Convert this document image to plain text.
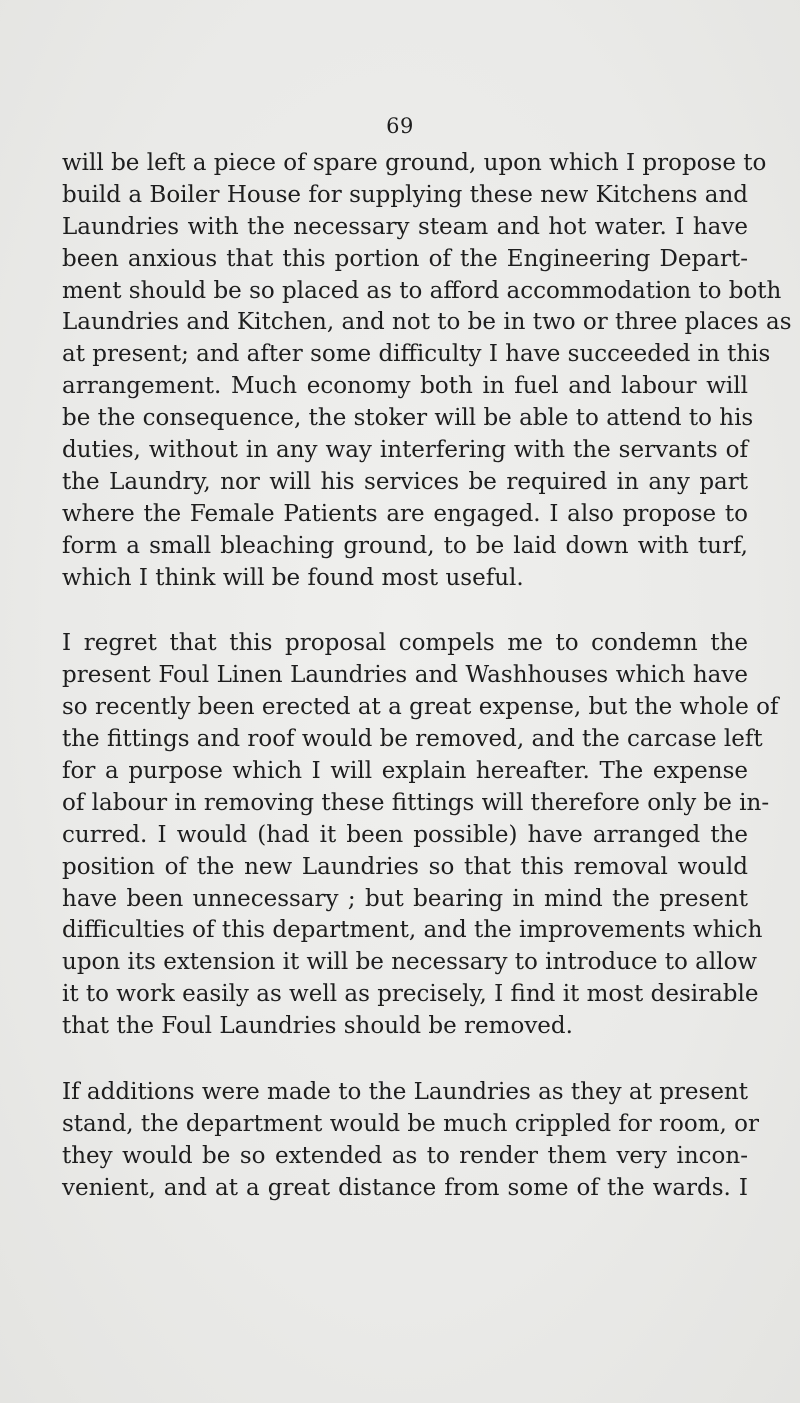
69
will be left a piece of spare ground, upon which I propose to
build a Boiler House for supplying these new Kitchens and
Laundries with the necessary steam and hot water. I have
been anxious that this portion of the Engineering Depart-
ment should be so placed as to afford accommodation to both
Laundries and Kitchen, and not to be in two or three places as
at present; and after some difficulty I have succeeded in this
arrangement. Much economy both in fuel and labour will
be the consequence, the stoker will be able to attend to his
duties, without in any way interfering with the servants of
the Laundry, nor will his services be required in any part
where the Female Patients are engaged. I also propose to
form a small bleaching ground, to be laid down with turf,
which I think will be found most useful.
I regret that this proposal compels me to condemn the
present Foul Linen Laundries and Washhouses which have
so recently been erected at a great expense, but the whole of
the fittings and roof would be removed, and the carcase left
for a purpose which I will explain hereafter. The expense
of labour in removing these fittings will therefore only be in-
curred. I would (had it been possible) have arranged the
position of the new Laundries so that this removal would
have been unnecessary ; but bearing in mind the present
difficulties of this department, and the improvements which
upon its extension it will be necessary to introduce to allow
it to work easily as well as precisely, I find it most desirable
that the Foul Laundries should be removed.
If additions were made to the Laundries as they at present
stand, the department would be much crippled for room, or
they would be so extended as to render them very incon-
venient, and at a great distance from some of the wards. I
